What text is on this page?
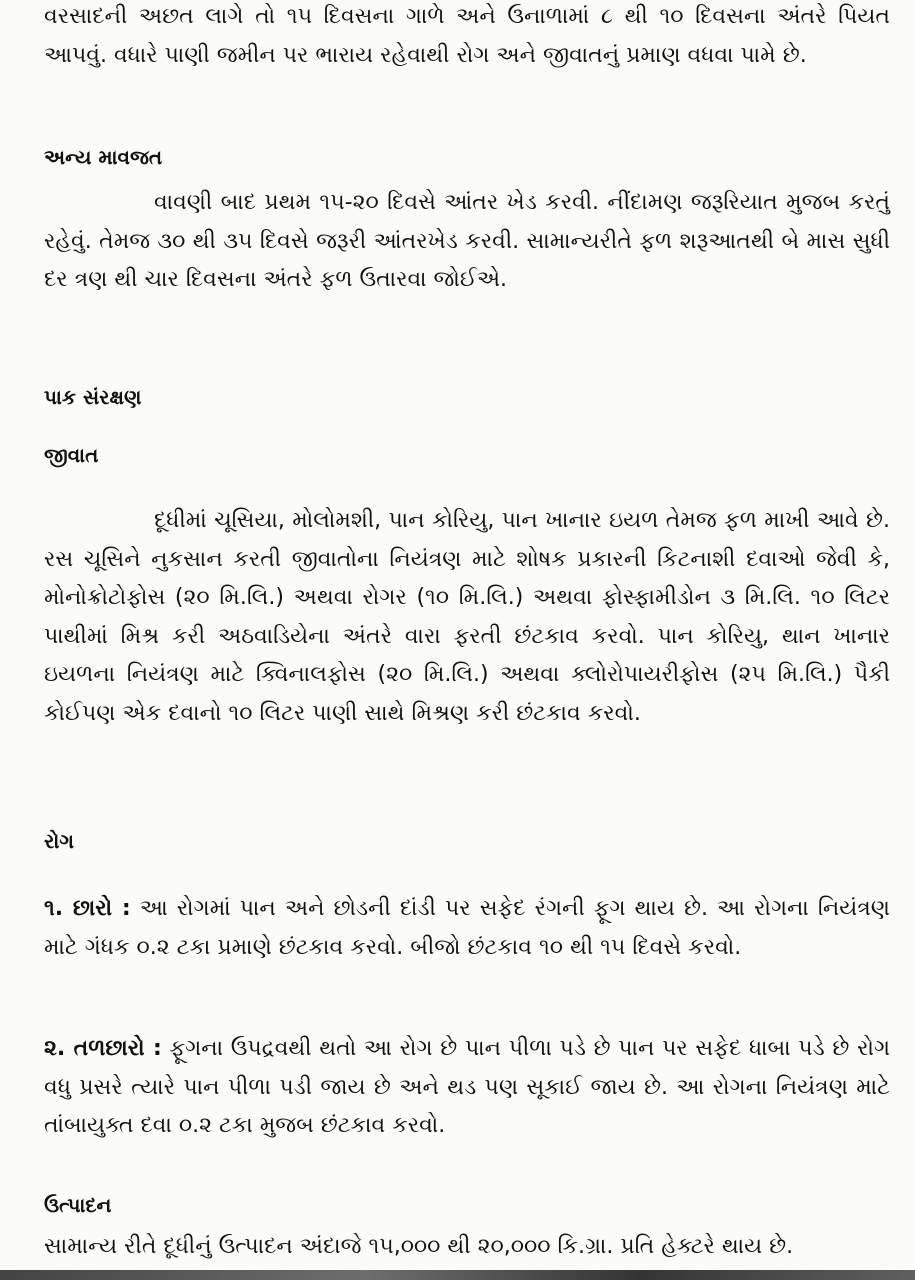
વરસાદની અછત લાગે તો ૧૫ દિવસના ગાળે અને ઉનાળામાં ૮ થી ૧૦ દિવસના અંતરે પિયત આપવું. વધારે પાણી જમીન પર ભારાય રહેવાથી રોગ અને જીવાતનું પ્રમાણ વધવા પામે છે.

અન્ય માવજત

વાવણી બાદ પ્રથમ ૧૫-૨૦ દિવસે આંતર ખેડ કરવી. નીંદામણ જરૂરિયાત મુજબ કરતું રહેવું. તેમજ ૩૦ થી ૩૫ દિવસે જરૂરી આંતરખેડ કરવી. સામાન્યરીતે ફળ શરૂઆતથી બે માસ સુધી દર ત્રણ થી ચાર દિવસના અંતરે ફળ ઉતારવા જોઈએ.

પાક સંરક્ષણ
જીવાત

દૂધીમાં ચૂસિયા, મોલોમશી, પાન કોરિયુ, પાન ખાનાર ઇયળ તેમજ ફળ માખી આવે છે. રસ ચૂસિને નુકસાન કરતી જીવાતોના નિયંત્રણ માટે શોષક પ્રકારની કિટનાશી દવાઓ જેવી કે, મોનોક્રોટોફોસ (૨૦ મિ.લિ.) અથવા રોગર (૧૦ મિ.લિ.) અથવા ફોસ્ફામીડોન ૩ મિ.લિ. ૧૦ લિટર પાથીમાં મિશ્ર કરી અઠવાડિયેના અંતરે વારા ફરતી છંટકાવ કરવો. પાન કોરિયુ, થાન ખાનાર ઇયળના નિયંત્રણ માટે ક્વિનાલફોસ (૨૦ મિ.લિ.) અથવા ક્લોરોપાયરીફોસ (૨૫ મિ.લિ.) પૈકી કોઈપણ એક દવાનો ૧૦ લિટર પાણી સાથે મિશ્રણ કરી છંટકાવ કરવો.

રોગ

૧. છારો : આ રોગમાં પાન અને છોડની દાંડી પર સફેદ રંગની ફૂગ થાય છે. આ રોગના નિયંત્રણ માટે ગંધક ૦.૨ ટકા પ્રમાણે છંટકાવ કરવો. બીજો છંટકાવ ૧૦ થી ૧૫ દિવસે કરવો.

૨. તળછારો : ફૂગના ઉપદ્રવથી થતો આ રોગ છે પાન પીળા પડે છે પાન પર સફેદ ધાબા પડે છે રોગ વધુ પ્રસરે ત્યારે પાન પીળા પડી જાય છે અને થડ પણ સૂકાઈ જાય છે. આ રોગના નિયંત્રણ માટે તાંબાયુક્ત દવા ૦.૨ ટકા મુજબ છંટકાવ કરવો.

ઉત્પાદન

સામાન્ય રીતે દૂધીનું ઉત્પાદન અંદાજે ૧૫,૦૦૦ થી ૨૦,૦૦૦ કિ.ગ્રા. પ્રતિ હેક્ટરે થાય છે.
